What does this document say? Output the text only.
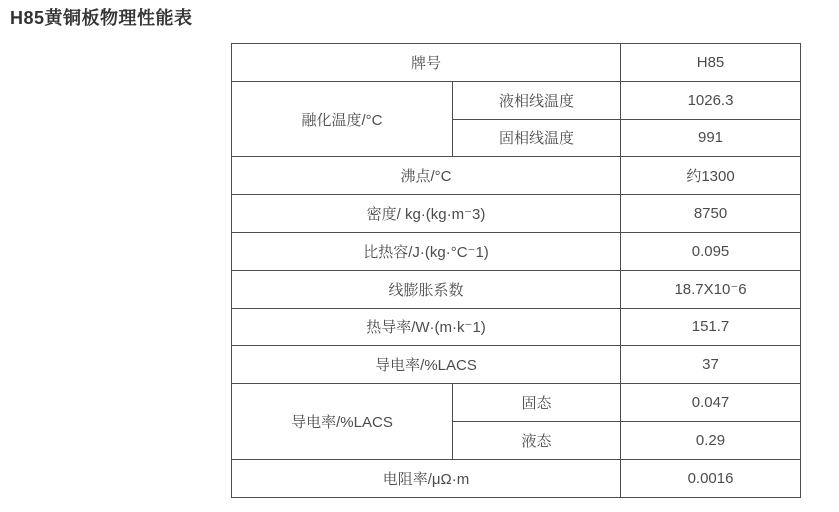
H85黄铜板物理性能表
牌号		H85
融化温度/°C	液相线温度	1026.3
	固相线温度	991
沸点/°C		约1300
密度/ kg·(kg·m⁻3)		8750
比热容/J·(kg·°C⁻1)		0.095
线膨胀系数		18.7X10⁻6
热导率/W·(m·k⁻1)		151.7
导电率/%LACS		37
导电率/%LACS	固态	0.047
	液态	0.29
电阻率/μΩ·m		0.0016
